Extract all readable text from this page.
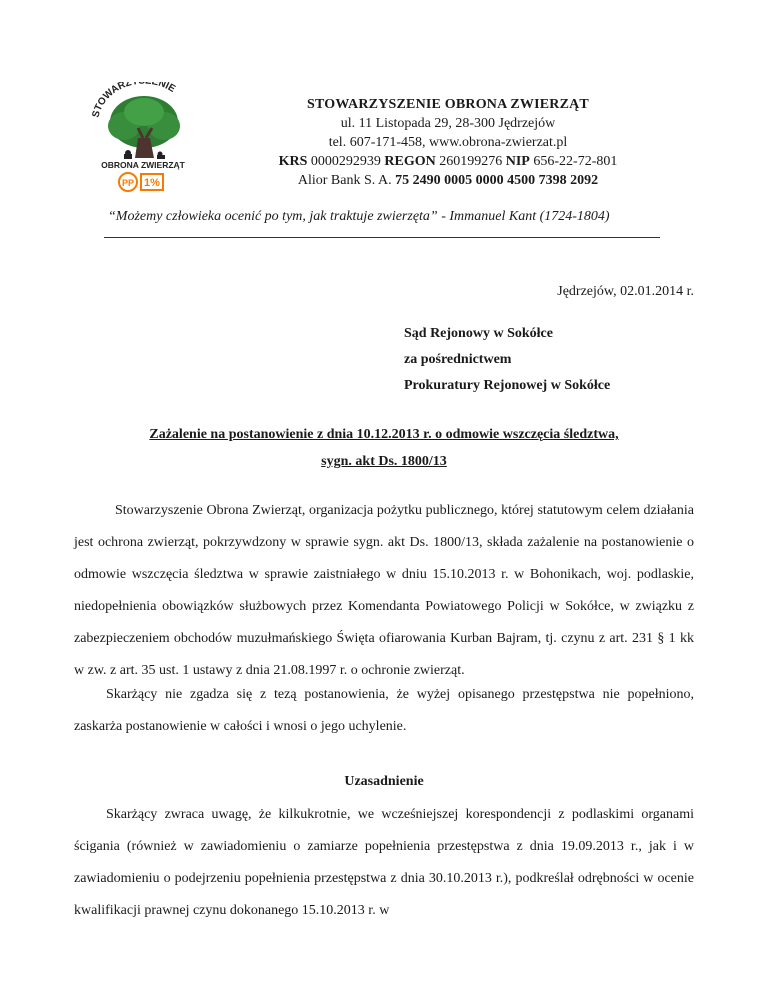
STOWARZ ENIE
OBRONA ZWIERZĄT
PP 1%
STOWARZYSZENIE OBRONA ZWIERZĄT
ul. 11 Listopada 29, 28-300 Jędrzejów
tel. 607-171-458, www.obrona-zwierzat.pl
KRS 0000292939 REGON 260199276 NIP 656-22-72-801
Alior Bank S. A. 75 2490 0005 0000 4500 7398 2092
“Możemy człowieka ocenić po tym, jak traktuje zwierzęta” - Immanuel Kant (1724-1804)
Jędrzejów, 02.01.2014 r.
Sąd Rejonowy w Sokółce
za pośrednictwem
Prokuratury Rejonowej w Sokółce
Zażalenie na postanowienie z dnia 10.12.2013 r. o odmowie wszczęcia śledztwa,
sygn. akt Ds. 1800/13

Stowarzyszenie Obrona Zwierząt, organizacja pożytku publicznego, której statutowym celem działania jest ochrona zwierząt, pokrzywdzony w sprawie sygn. akt Ds. 1800/13, składa zażalenie na postanowienie o odmowie wszczęcia śledztwa w sprawie zaistniałego w dniu 15.10.2013 r. w Bohonikach, woj. podlaskie, niedopełnienia obowiązków służbowych przez Komendanta Powiatowego Policji w Sokółce, w związku z zabezpieczeniem obchodów muzułmańskiego Święta ofiarowania Kurban Bajram, tj. czynu z art. 231 § 1 kk w zw. z art. 35 ust. 1 ustawy z dnia 21.08.1997 r. o ochronie zwierząt.

Skarżący nie zgadza się z tezą postanowienia, że wyżej opisanego przestępstwa nie popełniono, zaskarża postanowienie w całości i wnosi o jego uchylenie.

Uzasadnienie

Skarżący zwraca uwagę, że kilkukrotnie, we wcześniejszej korespondencji z podlaskimi organami ścigania (również w zawiadomieniu o zamiarze popełnienia przestępstwa z dnia 19.09.2013 r., jak i w zawiadomieniu o podejrzeniu popełnienia przestępstwa z dnia 30.10.2013 r.), podkreślał odrębności w ocenie kwalifikacji prawnej czynu dokonanego 15.10.2013 r. w
